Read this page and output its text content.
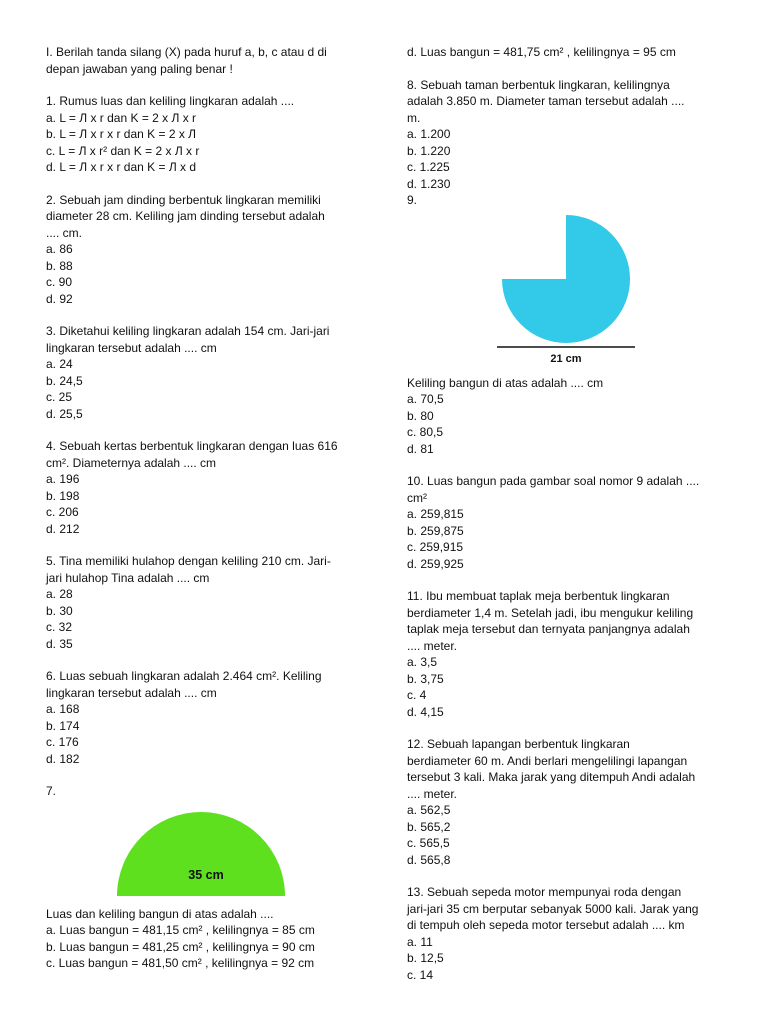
I. Berilah tanda silang (X) pada huruf a, b, c atau d di
depan jawaban yang paling benar !
1. Rumus luas dan keliling lingkaran adalah ....
a. L = Л x r dan K = 2 x Л x r
b. L = Л x r x r dan K = 2 x Л
c. L = Л x r² dan K = 2 x Л x r
d. L = Л x r x r dan K = Л x d
2. Sebuah jam dinding berbentuk lingkaran memiliki
diameter 28 cm. Keliling jam dinding tersebut adalah
.... cm.
a. 86
b. 88
c. 90
d. 92
3. Diketahui keliling lingkaran adalah 154 cm. Jari-jari
lingkaran tersebut adalah .... cm
a. 24
b. 24,5
c. 25
d. 25,5
4. Sebuah kertas berbentuk lingkaran dengan luas 616
cm². Diameternya adalah .... cm
a. 196
b. 198
c. 206
d. 212
5. Tina memiliki hulahop dengan keliling 210 cm. Jari-
jari hulahop Tina adalah .... cm
a. 28
b. 30
c. 32
d. 35
6. Luas sebuah lingkaran adalah 2.464 cm². Keliling
lingkaran tersebut adalah .... cm
a. 168
b. 174
c. 176
d. 182
7.
35 cm
Luas dan keliling bangun di atas adalah ....
a. Luas bangun = 481,15 cm² , kelilingnya = 85 cm
b. Luas bangun = 481,25 cm² , kelilingnya = 90 cm
c. Luas bangun = 481,50 cm² , kelilingnya = 92 cm
d. Luas bangun = 481,75 cm² , kelilingnya = 95 cm
8. Sebuah taman berbentuk lingkaran, kelilingnya
adalah 3.850 m. Diameter taman tersebut adalah ....
m.
a. 1.200
b. 1.220
c. 1.225
d. 1.230
9.
21 cm
Keliling bangun di atas adalah .... cm
a. 70,5
b. 80
c. 80,5
d. 81
10. Luas bangun pada gambar soal nomor 9 adalah ....
cm²
a. 259,815
b. 259,875
c. 259,915
d. 259,925
11. Ibu membuat taplak meja berbentuk lingkaran
berdiameter 1,4 m. Setelah jadi, ibu mengukur keliling
taplak meja tersebut dan ternyata panjangnya adalah
.... meter.
a. 3,5
b. 3,75
c. 4
d. 4,15
12. Sebuah lapangan berbentuk lingkaran
berdiameter 60 m. Andi berlari mengelilingi lapangan
tersebut 3 kali. Maka jarak yang ditempuh Andi adalah
.... meter.
a. 562,5
b. 565,2
c. 565,5
d. 565,8
13. Sebuah sepeda motor mempunyai roda dengan
jari-jari 35 cm berputar sebanyak 5000 kali. Jarak yang
di tempuh oleh sepeda motor tersebut adalah .... km
a. 11
b. 12,5
c. 14
